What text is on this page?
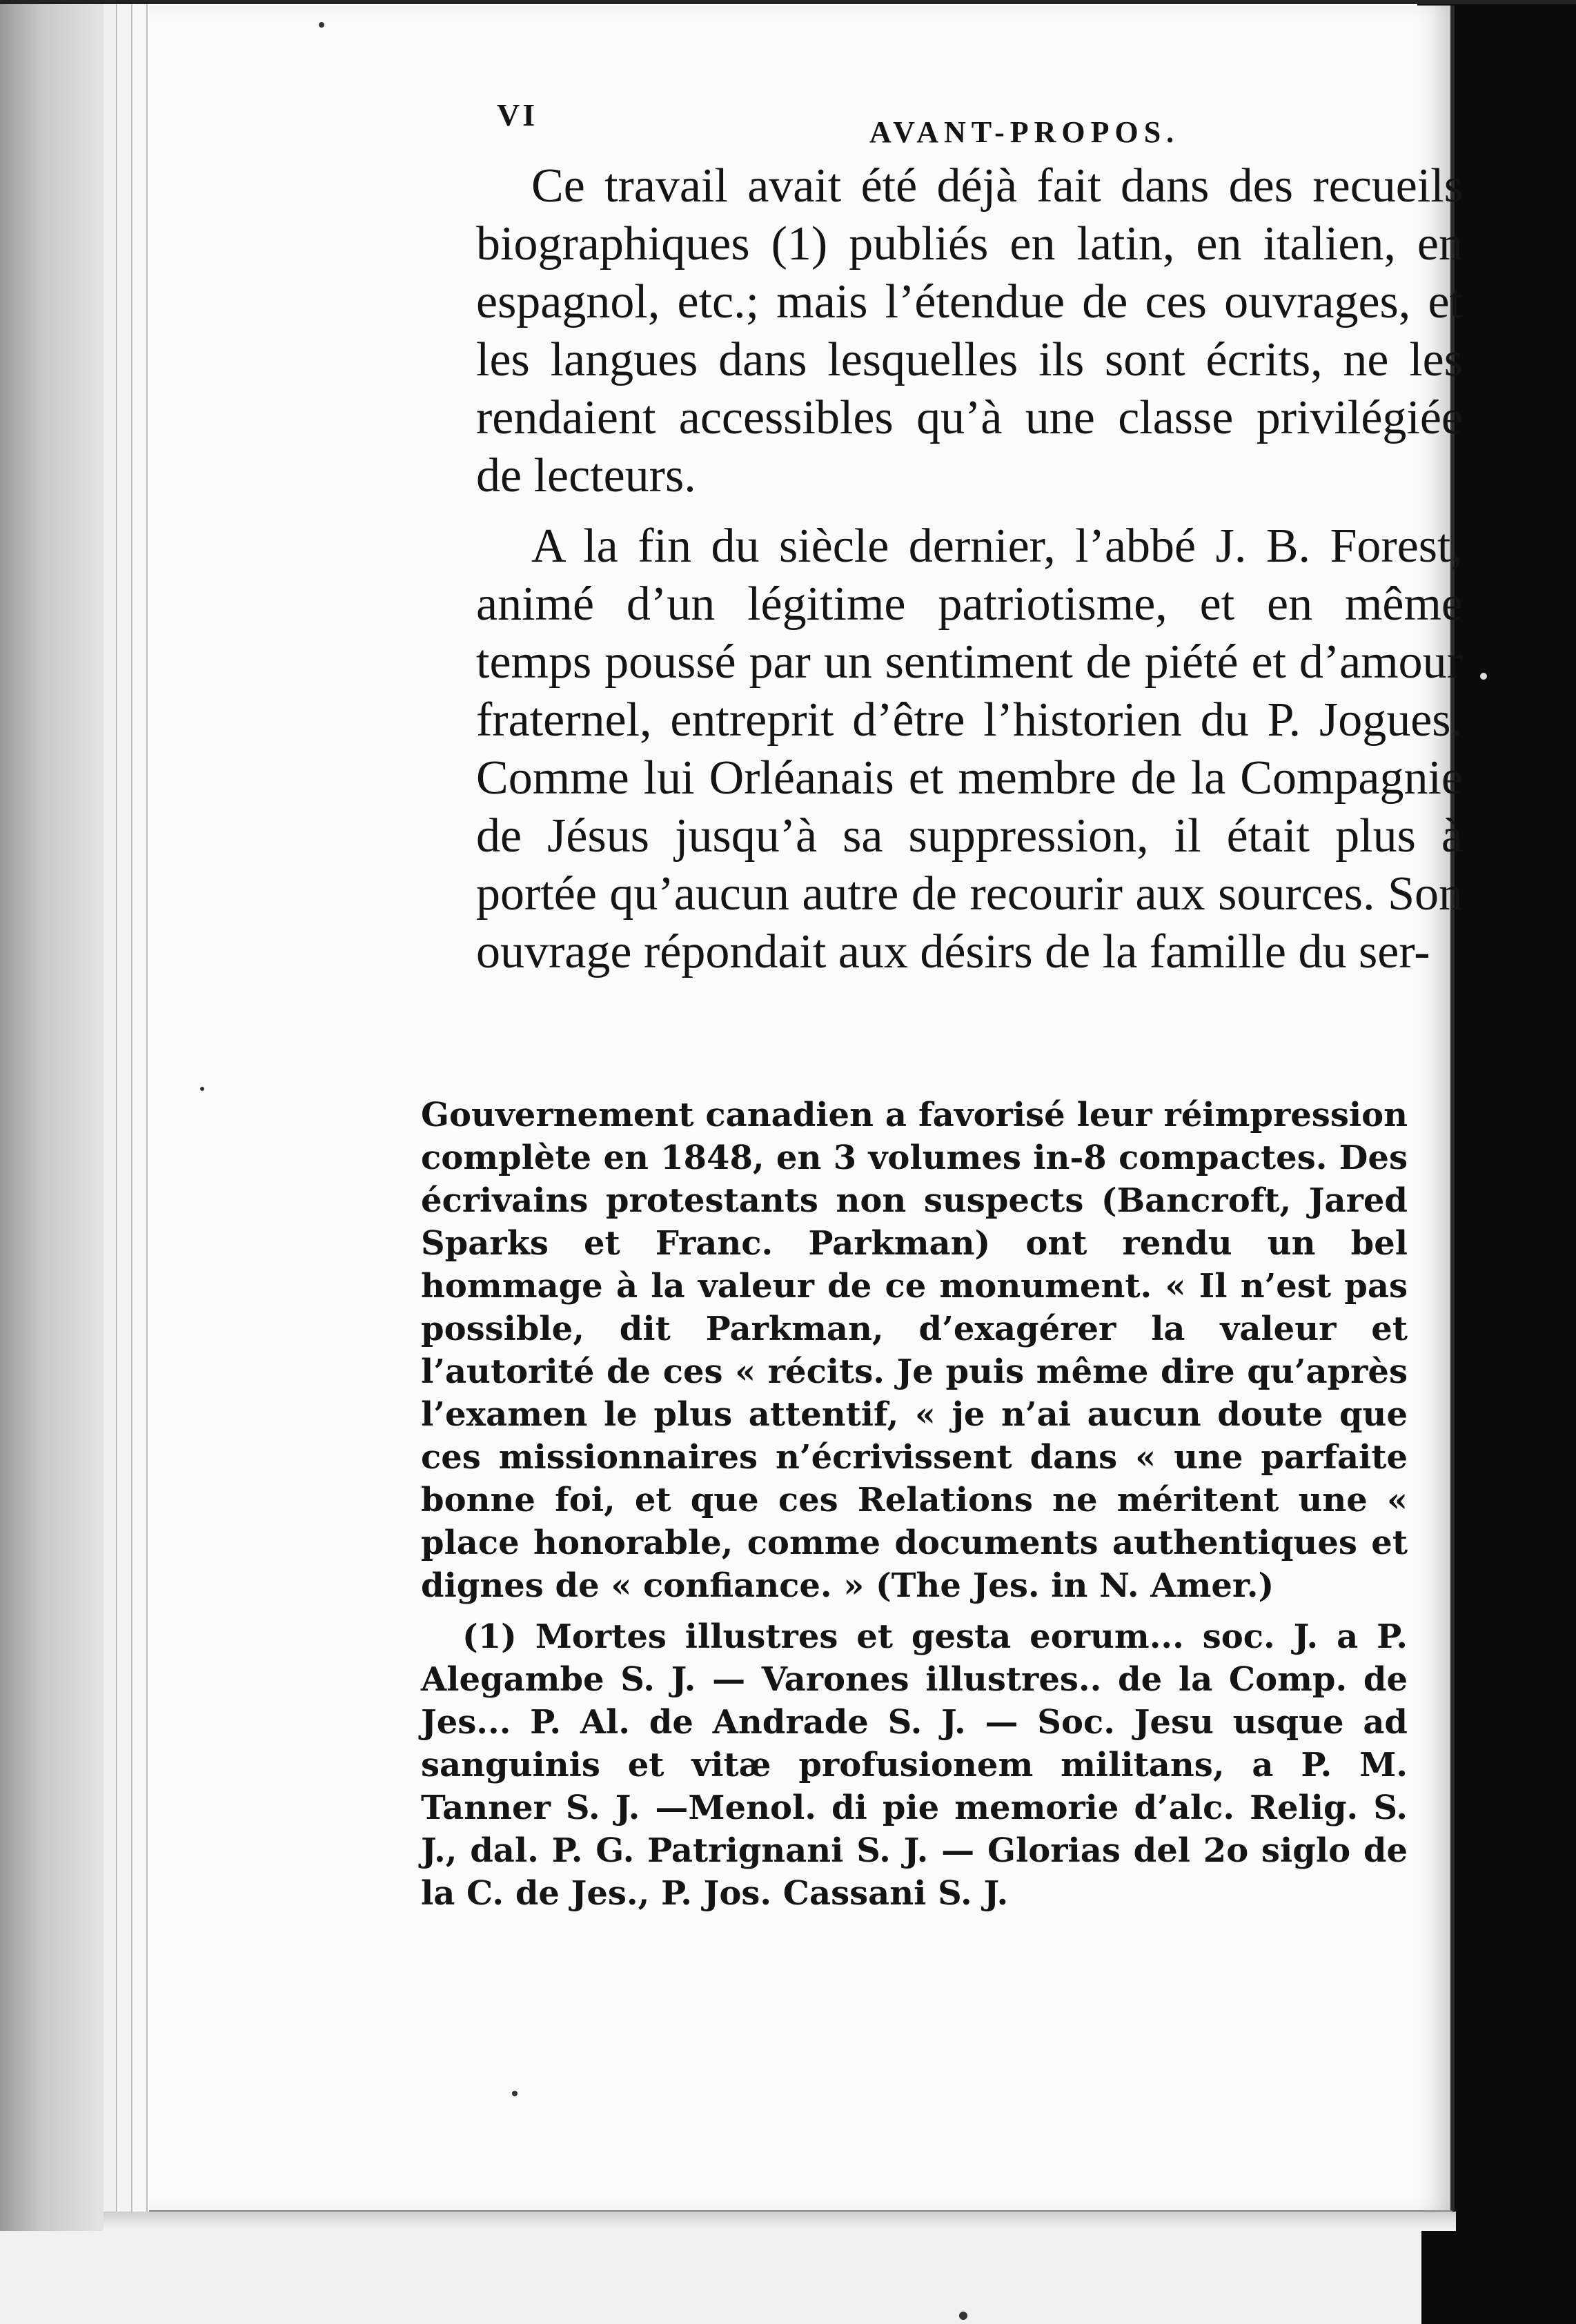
VI	AVANT-PROPOS.

Ce travail avait été déjà fait dans des recueils biographiques (1) publiés en latin, en italien, en espagnol, etc.; mais l’étendue de ces ouvrages, et les langues dans lesquelles ils sont écrits, ne les rendaient accessibles qu’à une classe privilégiée de lecteurs.

A la fin du siècle dernier, l’abbé J. B. Forest, animé d’un légitime patriotisme, et en même temps poussé par un sentiment de piété et d’amour fraternel, entreprit d’être l’historien du P. Jogues. Comme lui Orléanais et membre de la Compagnie de Jésus jusqu’à sa suppression, il était plus à portée qu’aucun autre de recourir aux sources. Son ouvrage répondait aux désirs de la famille du ser-

Gouvernement canadien a favorisé leur réimpression complète en 1848, en 3 volumes in-8 compactes. Des écrivains protestants non suspects (Bancroft, Jared Sparks et Franc. Parkman) ont rendu un bel hommage à la valeur de ce monument. « Il n’est pas possible, dit Parkman, d’exagérer la valeur et l’autorité de ces « récits. Je puis même dire qu’après l’examen le plus attentif, « je n’ai aucun doute que ces missionnaires n’écrivissent dans « une parfaite bonne foi, et que ces Relations ne méritent une « place honorable, comme documents authentiques et dignes de « confiance. » (The Jes. in N. Amer.)

(1) Mortes illustres et gesta eorum... soc. J. a P. Alegambe S. J. — Varones illustres.. de la Comp. de Jes... P. Al. de Andrade S. J. — Soc. Jesu usque ad sanguinis et vitæ profusionem militans, a P. M. Tanner S. J. —Menol. di pie memorie d’alc. Relig. S. J., dal. P. G. Patrignani S. J. — Glorias del 2o siglo de la C. de Jes., P. Jos. Cassani S. J.
